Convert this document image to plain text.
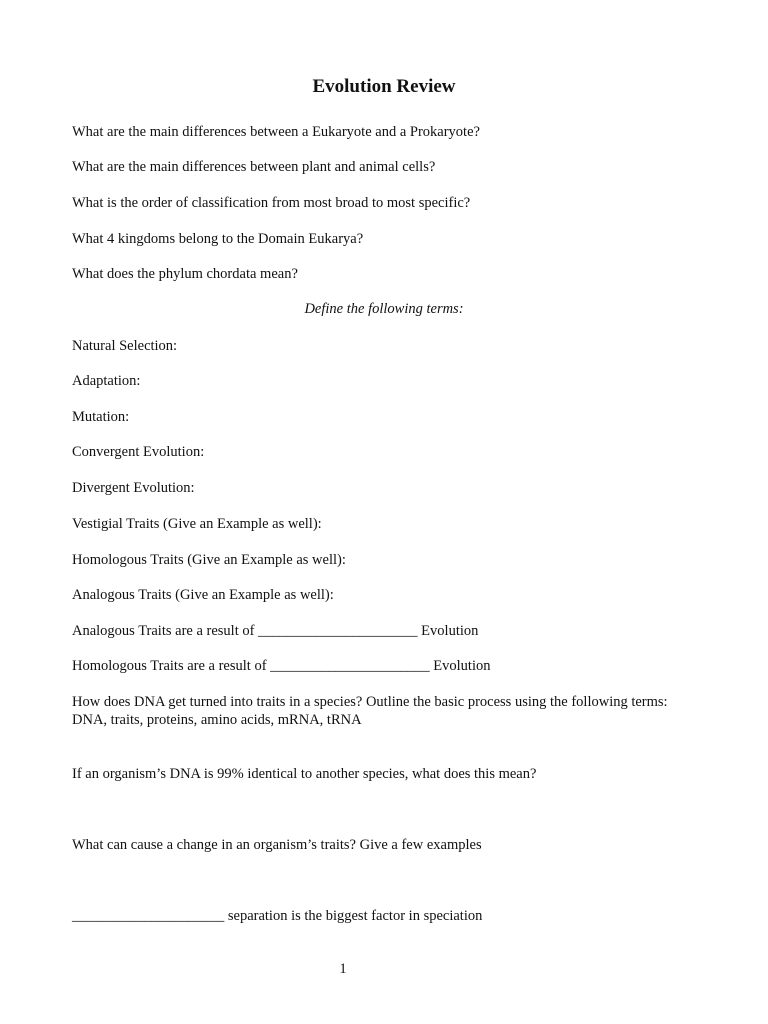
Evolution Review
What are the main differences between a Eukaryote and a Prokaryote?
What are the main differences between plant and animal cells?
What is the order of classification from most broad to most specific?
What 4 kingdoms belong to the Domain Eukarya?
What does the phylum chordata mean?
Define the following terms:
Natural Selection:
Adaptation:
Mutation:
Convergent Evolution:
Divergent Evolution:
Vestigial Traits (Give an Example as well):
Homologous Traits (Give an Example as well):
Analogous Traits (Give an Example as well):
Analogous Traits are a result of ______________________ Evolution
Homologous Traits are a result of ______________________ Evolution
How does DNA get turned into traits in a species? Outline the basic process using the following terms:
DNA, traits, proteins, amino acids, mRNA, tRNA
If an organism’s DNA is 99% identical to another species, what does this mean?
What can cause a change in an organism’s traits? Give a few examples
_____________________ separation is the biggest factor in speciation
1
